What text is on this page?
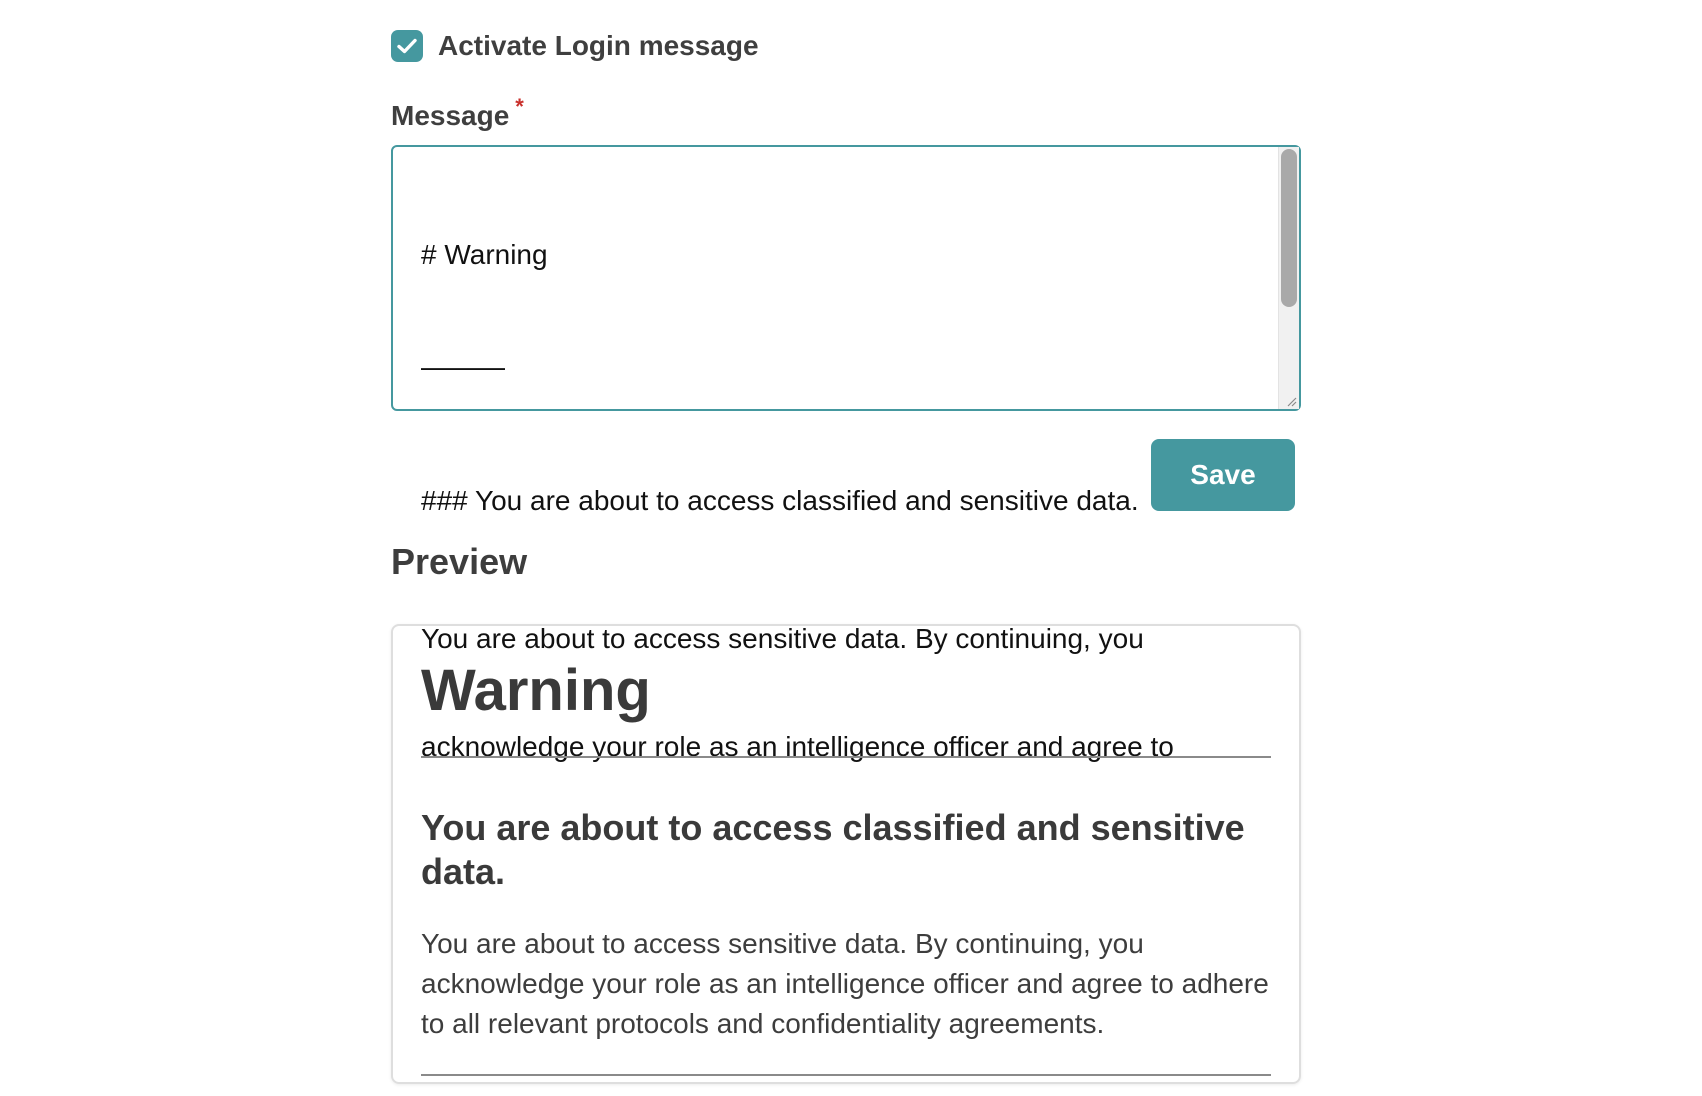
Activate Login message
Message *

# Warning

———

### You are about to access classified and sensitive data.

You are about to access sensitive data. By continuing, you

acknowledge your role as an intelligence officer and agree to

Save
Preview
Warning
You are about to access classified and sensitive data.

You are about to access sensitive data. By continuing, you acknowledge your role as an intelligence officer and agree to adhere to all relevant protocols and confidentiality agreements.
